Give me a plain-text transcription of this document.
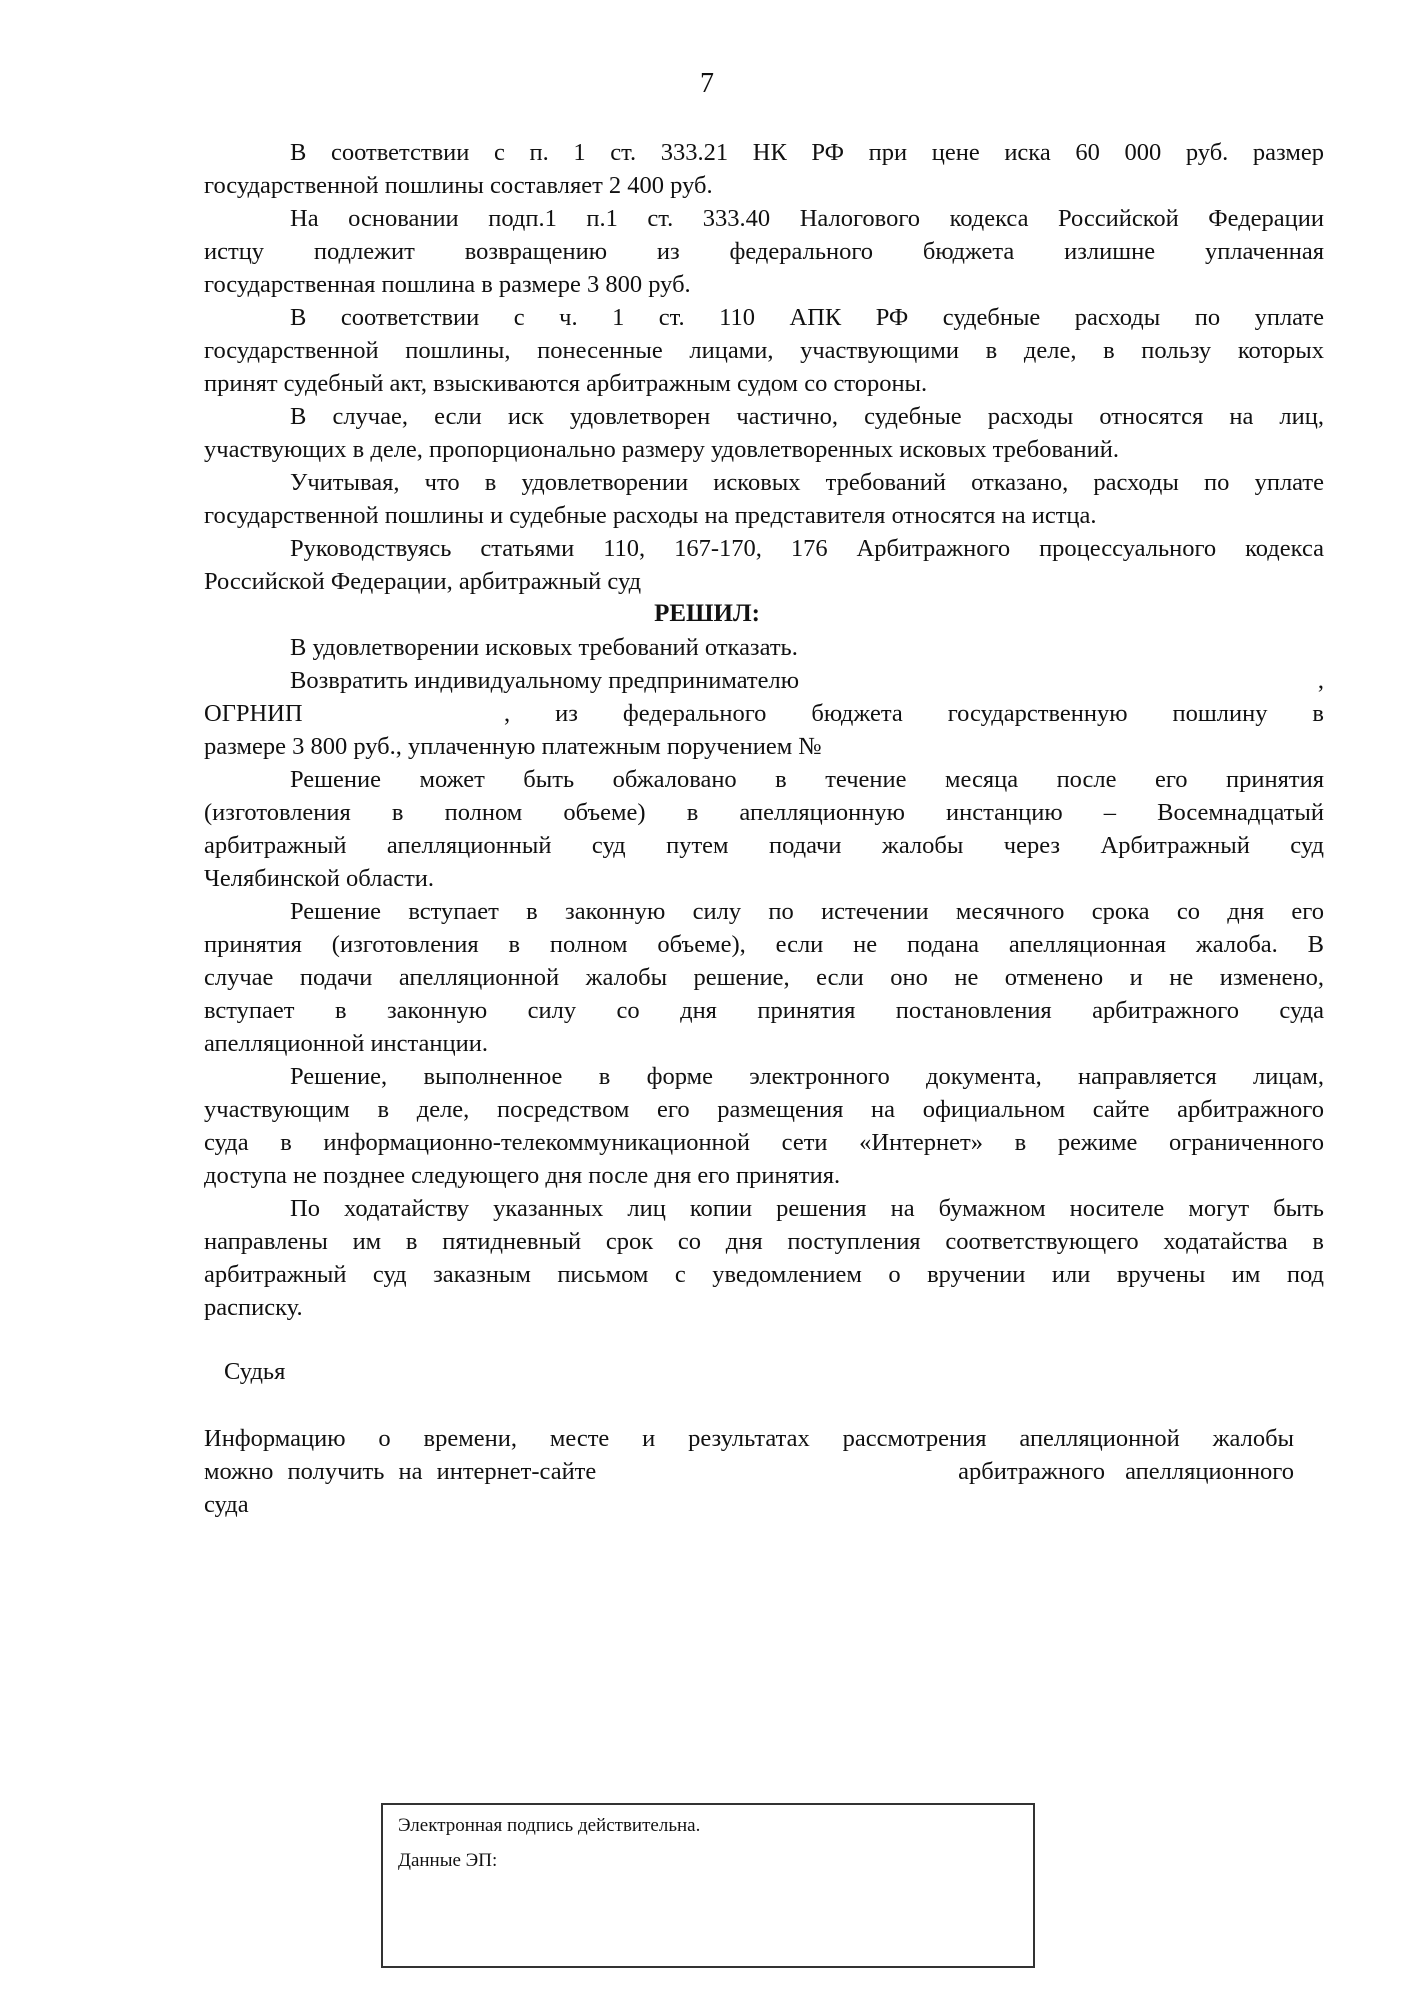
7
В соответствии с п. 1 ст. 333.21 НК РФ при цене иска 60 000 руб. размер
государственной пошлины составляет 2 400 руб.
На основании подп.1 п.1 ст. 333.40 Налогового кодекса Российской Федерации
истцу подлежит возвращению из федерального бюджета излишне уплаченная
государственная пошлина в размере 3 800 руб.
В соответствии с ч. 1 ст. 110 АПК РФ судебные расходы по уплате
государственной пошлины, понесенные лицами, участвующими в деле, в пользу которых
принят судебный акт, взыскиваются арбитражным судом со стороны.
В случае, если иск удовлетворен частично, судебные расходы относятся на лиц,
участвующих в деле, пропорционально размеру удовлетворенных исковых требований.
Учитывая, что в удовлетворении исковых требований отказано, расходы по уплате
государственной пошлины и судебные расходы на представителя относятся на истца.
Руководствуясь статьями 110, 167-170, 176 Арбитражного процессуального кодекса
Российской Федерации, арбитражный суд
РЕШИЛ:
В удовлетворении исковых требований отказать.
Возвратить индивидуальному предпринимателю	,
ОГРНИП	, из федерального бюджета государственную пошлину в
размере 3 800 руб., уплаченную платежным поручением №
Решение может быть обжаловано в течение месяца после его принятия
(изготовления в полном объеме) в апелляционную инстанцию – Восемнадцатый
арбитражный апелляционный суд путем подачи жалобы через Арбитражный суд
Челябинской области.
Решение вступает в законную силу по истечении месячного срока со дня его
принятия (изготовления в полном объеме), если не подана апелляционная жалоба. В
случае подачи апелляционной жалобы решение, если оно не отменено и не изменено,
вступает в законную силу со дня принятия постановления арбитражного суда
апелляционной инстанции.
Решение, выполненное в форме электронного документа, направляется лицам,
участвующим в деле, посредством его размещения на официальном сайте арбитражного
суда в информационно-телекоммуникационной сети «Интернет» в режиме ограниченного
доступа не позднее следующего дня после дня его принятия.
По ходатайству указанных лиц копии решения на бумажном носителе могут быть
направлены им в пятидневный срок со дня поступления соответствующего ходатайства в
арбитражный суд заказным письмом с уведомлением о вручении или вручены им под
расписку.
Судья
Информацию о времени, месте и результатах рассмотрения апелляционной жалобы
можно получить на интернет-сайте	арбитражного апелляционного
суда
Электронная подпись действительна.
Данные ЭП:
